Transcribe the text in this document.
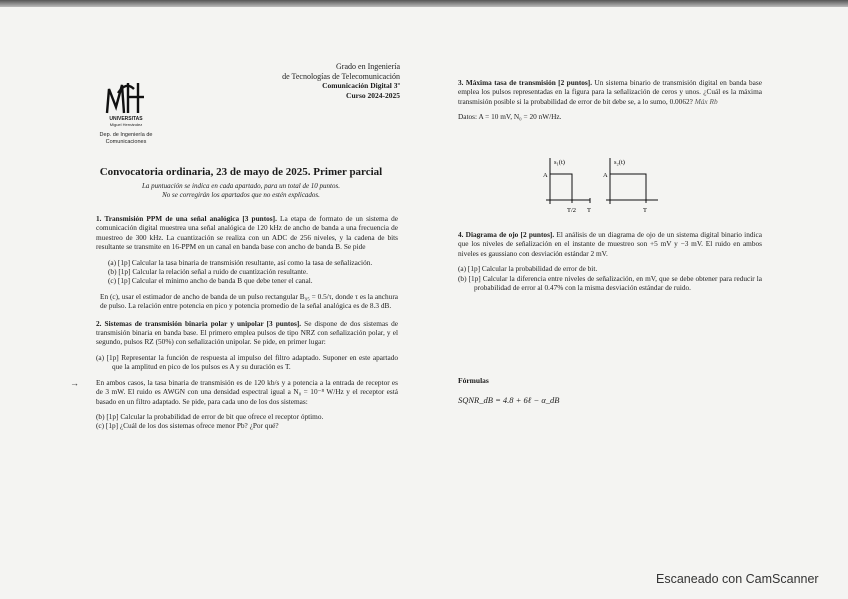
UNIVERSITAS
Miguel Hernández
Dep. de Ingeniería de
Comunicaciones
Grado en Ingeniería
de Tecnologías de Telecomunicación
Comunicación Digital 3º
Curso 2024-2025
Convocatoria ordinaria, 23 de mayo de 2025. Primer parcial
La puntuación se indica en cada apartado, para un total de 10 puntos.
No se corregirán los apartados que no estén explicados.
→

1. Transmisión PPM de una señal analógica [3 puntos]. La etapa de formato de un sistema de comunicación digital muestrea una señal analógica de 120 kHz de ancho de banda a una frecuencia de muestreo de 300 kHz. La cuantización se realiza con un ADC de 256 niveles, y la cadena de bits resultante se transmite en 16-PPM en un canal en banda base con ancho de banda B. Se pide

(a) [1p] Calcular la tasa binaria de transmisión resultante, así como la tasa de señalización.
(b) [1p] Calcular la relación señal a ruido de cuantización resultante.
(c) [1p] Calcular el mínimo ancho de banda B que debe tener el canal.

En (c), usar el estimador de ancho de banda de un pulso rectangular B₉₅ = 0.5/τ, donde τ es la anchura de pulso. La relación entre potencia en pico y potencia promedio de la señal analógica es de 8.3 dB.

2. Sistemas de transmisión binaria polar y unipolar [3 puntos]. Se dispone de dos sistemas de transmisión binaria en banda base. El primero emplea pulsos de tipo NRZ con señalización polar, y el segundo, pulsos RZ (50%) con señalización unipolar. Se pide, en primer lugar:

(a) [1p] Representar la función de respuesta al impulso del filtro adaptado. Suponer en este apartado que la amplitud en pico de los pulsos es A y su duración es T.

En ambos casos, la tasa binaria de transmisión es de 120 kb/s y a potencia a la entrada de receptor es de 3 mW. El ruido es AWGN con una densidad espectral igual a N₀ = 10⁻⁸ W/Hz y el receptor está basado en un filtro adaptado. Se pide, para cada uno de los dos sistemas:

(b) [1p] Calcular la probabilidad de error de bit que ofrece el receptor óptimo.
(c) [1p] ¿Cuál de los dos sistemas ofrece menor Pb? ¿Por qué?

3. Máxima tasa de transmisión [2 puntos]. Un sistema binario de transmisión digital en banda base emplea los pulsos representadas en la figura para la señalización de ceros y unos. ¿Cuál es la máxima transmisión posible si la probabilidad de error de bit debe se, a lo sumo, 0.0062? Máx Rb

Datos: A = 10 mV, N₀ = 20 nW/Hz.

s₁(t)	s₂(t)
A	A
T/2 T	T

4. Diagrama de ojo [2 puntos]. El análisis de un diagrama de ojo de un sistema digital binario indica que los niveles de señalización en el instante de muestreo son +5 mV y −3 mV. El ruido en ambos niveles es gaussiano con desviación estándar 2 mV.

(a) [1p] Calcular la probabilidad de error de bit.
(b) [1p] Calcular la diferencia entre niveles de señalización, en mV, que se debe obtener para reducir la probabilidad de error al 0.47% con la misma desviación estándar de ruido.
Fórmulas
SQNR_dB = 4.8 + 6ℓ − α_dB
Escaneado con CamScanner
